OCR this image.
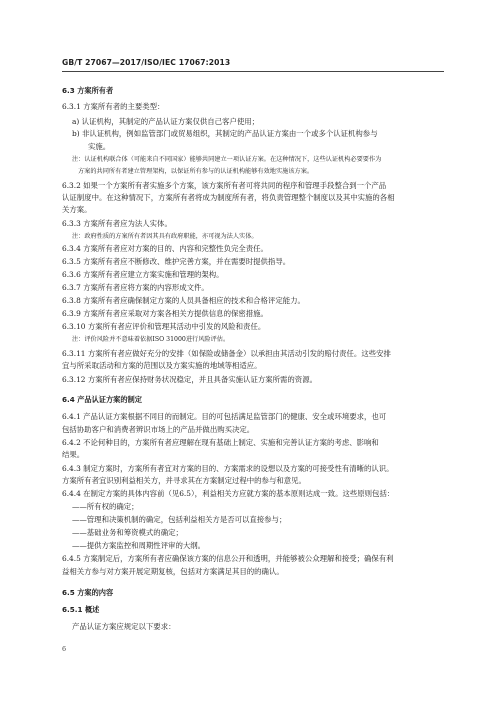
GB/T 27067—2017/ISO/IEC 17067:2013
6.3 方案所有者
6.3.1 方案所有者的主要类型：
a) 认证机构，其制定的产品认证方案仅供自己客户使用；
b) 非认证机构，例如监管部门或贸易组织，其制定的产品认证方案由一个或多个认证机构参与
实施。
注：认证机构联合体（可能来自不同国家）能够共同建立一项认证方案。在这种情况下，这些认证机构必要要作为
方案的共同所有者建立管理架构，以保证所有参与的认证机构能够有效地实施该方案。
6.3.2 如果一个方案所有者实施多个方案，该方案所有者可将共同的程序和管理手段整合到一个产品
认证制度中。在这种情况下，方案所有者将成为制度所有者，将负责管理整个制度以及其中实施的各相
关方案。
6.3.3 方案所有者应为法人实体。
注：政府性质的方案所有者因其具有政府职能，亦可视为法人实体。
6.3.4 方案所有者应对方案的目的、内容和完整性负完全责任。
6.3.5 方案所有者应不断修改、维护完善方案，并在需要时提供指导。
6.3.6 方案所有者应建立方案实施和管理的架构。
6.3.7 方案所有者应将方案的内容形成文件。
6.3.8 方案所有者应确保制定方案的人员具备相应的技术和合格评定能力。
6.3.9 方案所有者应采取对方案各相关方提供信息的保密措施。
6.3.10 方案所有者应评价和管理其活动中引发的风险和责任。
注：评价风险并不意味着依据ISO 31000进行风险评估。
6.3.11 方案所有者应做好充分的安排（如保险或储备金）以承担由其活动引发的赔付责任。这些安排
宜与所采取活动和方案的范围以及方案实施的地域等相适应。
6.3.12 方案所有者应保持财务状况稳定，并且具备实施认证方案所需的资源。
6.4 产品认证方案的制定
6.4.1 产品认证方案根据不同目的而制定。目的可包括满足监管部门的健康、安全或环境要求，也可
包括协助客户和消费者辨识市场上的产品并做出购买决定。
6.4.2 不论何种目的，方案所有者应理解在现有基础上制定、实施和完善认证方案的考虑、影响和
结果。
6.4.3 制定方案时，方案所有者宜对方案的目的、方案需求的设想以及方案的可接受性有清晰的认识。
方案所有者宜识别利益相关方，并寻求其在方案制定过程中的参与和意见。
6.4.4 在制定方案的具体内容前（见6.5），利益相关方应就方案的基本原则达成一致。这些原则包括：
——所有权的确定；
——管理和决策机制的确定，包括利益相关方是否可以直接参与；
——基础业务和筹资模式的确定；
——提供方案监控和周期性评审的大纲。
6.4.5 方案制定后，方案所有者应确保该方案的信息公开和透明，并能够被公众理解和接受；确保有利
益相关方参与对方案开展定期复核，包括对方案满足其目的的确认。
6.5 方案的内容
6.5.1 概述
产品认证方案应规定以下要求：
6
